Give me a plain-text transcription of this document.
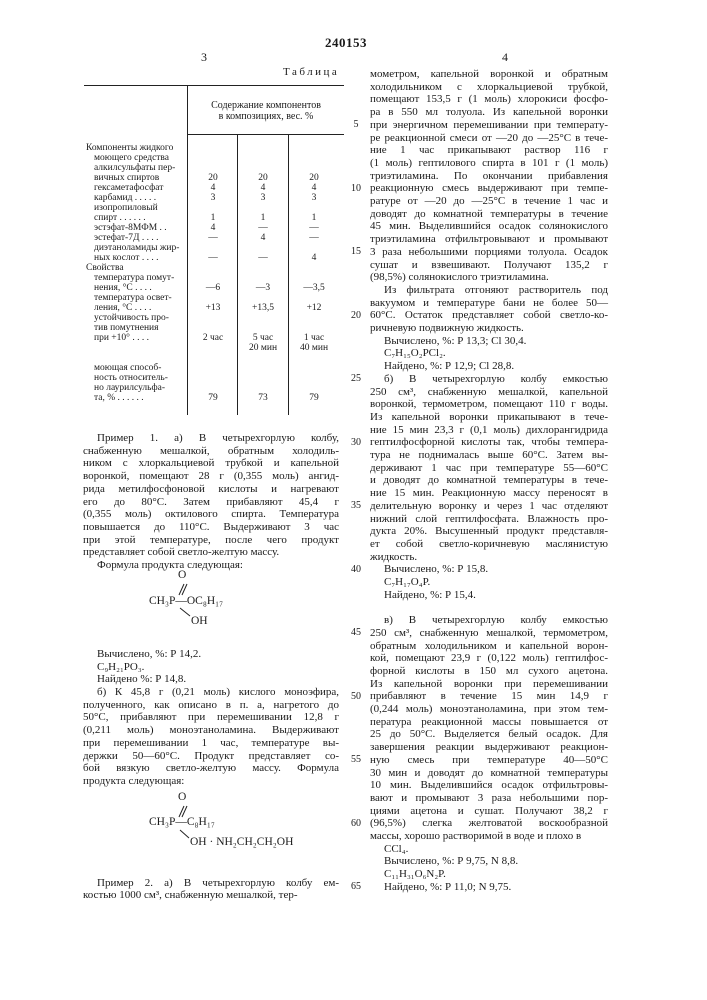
240153
3	4
Таблица
Содержание компонентов
в композициях, вес. %
Компоненты жидкого
моющего средства
алкилсульфаты пер-
вичных спиртов	20	20	20
гексаметафосфат	4	4	4
карбамид . . . . .	3	3	3
изопропиловый
спирт . . . . . .	1	1	1
эстэфат-8МФМ . .	4	—	—
эстефат-7Д . . . .	—	4	—
диэтаноламиды жир-
ных кослот . . . .	—	—	4
Свойства
температура помут-
нения, °С . . . .	—6	—3	—3,5
температура освет-
ления, °С . . . .	+13	+13,5	+12
устойчивость про-
тив помутнения
при +10° . . . .	2 час	5 час	1 час
20 мин	40 мин
моющая способ-
ность относитель-
но лаурилсульфа-
та, % . . . . . .	79	73	79
Пример 1. а) В четырехгорлую колбу,
снабженную мешалкой, обратным холодиль-
ником с хлоркальциевой трубкой и капельной
воронкой, помещают 28 г (0,355 моль) ангид-
рида метилфосфоновой кислоты и нагревают
его до 80°С. Затем прибавляют 45,4 г
(0,355 моль) октилового спирта. Температура
повышается до 110°С. Выдерживают 3 час
при этой температуре, после чего продукт
представляет собой светло-желтую массу.
Формула продукта следующая:
Вычислено, %: Р 14,2.
C₉H₂₁PO₃.
Найдено %: Р 14,8.
б) К 45,8 г (0,21 моль) кислого моноэфира,
полученного, как описано в п. а, нагретого до
50°С, прибавляют при перемешивании 12,8 г
(0,211 моль) моноэтаноламина. Выдерживают
при перемешивании 1 час, температуре вы-
держки 50—60°С. Продукт представляет со-
бой вязкую светло-желтую массу. Формула
продукта следующая:
Пример 2. а) В четырехгорлую колбу ем-
костью 1000 см³, снабженную мешалкой, тер-
мометром, капельной воронкой и обратным
холодильником с хлоркальциевой трубкой,
помещают 153,5 г (1 моль) хлорокиси фосфо-
ра в 550 мл толуола. Из капельной воронки
при энергичном перемешивании при температу-
ре реакционной смеси от —20 до —25°С в тече-
ние 1 час прикапывают раствор 116 г
(1 моль) гептилового спирта в 101 г (1 моль)
триэтиламина. По окончании прибавления
реакционную смесь выдерживают при темпе-
ратуре от —20 до —25°С в течение 1 час и
доводят до комнатной температуры в течение
45 мин. Выделившийся осадок солянокислого
триэтиламина отфильтровывают и промывают
3 раза небольшими порциями толуола. Осадок
сушат и взвешивают. Получают 135,2 г
(98,5%) солянокислого триэтиламина.
Из фильтрата отгоняют растворитель под
вакуумом и температуре бани не более 50—
60°С. Остаток представляет собой светло-ко-
ричневую подвижную жидкость.
Вычислено, %: Р 13,3; Cl 30,4.
C₇H₁₅O₂PCl₂.
Найдено, %: Р 12,9; Cl 28,8.
б) В четырехгорлую колбу емкостью
250 см³, снабженную мешалкой, капельной
воронкой, термометром, помещают 110 г воды.
Из капельной воронки прикапывают в тече-
ние 15 мин 23,3 г (0,1 моль) дихлорангидрида
гептилфосфорной кислоты так, чтобы темпера-
тура не поднималась выше 60°С. Затем вы-
держивают 1 час при температуре 55—60°С
и доводят до комнатной температуры в тече-
ние 15 мин. Реакционную массу переносят в
делительную воронку и через 1 час отделяют
нижний слой гептилфосфата. Влажность про-
дукта 20%. Высушенный продукт представля-
ет собой светло-коричневую маслянистую
жидкость.
Вычислено, %: Р 15,8.
C₇H₁₇O₄P.
Найдено, %: Р 15,4.
в) В четырехгорлую колбу емкостью
250 см³, снабженную мешалкой, термометром,
обратным холодильником и капельной ворон-
кой, помещают 23,9 г (0,122 моль) гептилфос-
форной кислоты в 150 мл сухого ацетона.
Из капельной воронки при перемешивании
прибавляют в течение 15 мин 14,9 г
(0,244 моль) моноэтаноламина, при этом тем-
пература реакционной массы повышается от
25 до 50°С. Выделяется белый осадок. Для
завершения реакции выдерживают реакцион-
ную смесь при температуре 40—50°С
30 мин и доводят до комнатной температуры
10 мин. Выделившийся осадок отфильтровы-
вают и промывают 3 раза небольшими пор-
циями ацетона и сушат. Получают 38,2 г
(96,5%) слегка желтоватой воскообразной
массы, хорошо растворимой в воде и плохо в
CCl₄.
Вычислено, %: Р 9,75, N 8,8.
C₁₁H₃₁O₆N₂P.
Найдено, %: Р 11,0; N 9,75.
5
10
15
20
25
30
35
40
45
50
55
60
65
O
CH₃P—OC₈H₁₇
OH
O
CH₃P—C₈H₁₇
OH · NH₂CH₂CH₂OH
